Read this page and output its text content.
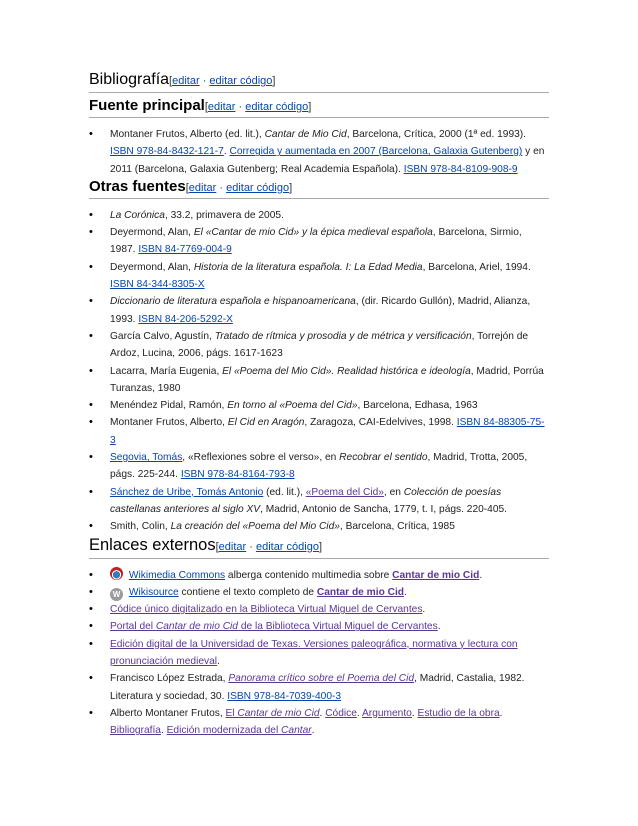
Bibliografía[editar · editar código]
Fuente principal[editar · editar código]
• Montaner Frutos, Alberto (ed. lit.), Cantar de Mio Cid, Barcelona, Crítica, 2000 (1ª ed. 1993). ISBN 978-84-8432-121-7. Corregida y aumentada en 2007 (Barcelona, Galaxia Gutenberg) y en 2011 (Barcelona, Galaxia Gutenberg; Real Academia Española). ISBN 978-84-8109-908-9
Otras fuentes[editar · editar código]
• La Corónica, 33.2, primavera de 2005.
• Deyermond, Alan, El «Cantar de mio Cid» y la épica medieval española, Barcelona, Sirmio, 1987. ISBN 84-7769-004-9
• Deyermond, Alan, Historia de la literatura española. I: La Edad Media, Barcelona, Ariel, 1994. ISBN 84-344-8305-X
• Diccionario de literatura española e hispanoamericana, (dir. Ricardo Gullón), Madrid, Alianza, 1993. ISBN 84-206-5292-X
• García Calvo, Agustín, Tratado de rítmica y prosodia y de métrica y versificación, Torrejón de Ardoz, Lucina, 2006, págs. 1617-1623
• Lacarra, María Eugenia, El «Poema del Mio Cid». Realidad histórica e ideología, Madrid, Porrúa Turanzas, 1980
• Menéndez Pidal, Ramón, En torno al «Poema del Cid», Barcelona, Edhasa, 1963
• Montaner Frutos, Alberto, El Cid en Aragón, Zaragoza, CAI-Edelvives, 1998. ISBN 84-88305-75-3
• Segovia, Tomás, «Reflexiones sobre el verso», en Recobrar el sentido, Madrid, Trotta, 2005, págs. 225-244. ISBN 978-84-8164-793-8
• Sánchez de Uribe, Tomás Antonio (ed. lit.), «Poema del Cid», en Colección de poesías castellanas anteriores al siglo XV, Madrid, Antonio de Sancha, 1779, t. I, págs. 220-405.
• Smith, Colin, La creación del «Poema del Mio Cid», Barcelona, Crítica, 1985
Enlaces externos[editar · editar código]
• Wikimedia Commons alberga contenido multimedia sobre Cantar de mio Cid.
• W Wikisource contiene el texto completo de Cantar de mio Cid.
• Códice único digitalizado en la Biblioteca Virtual Miguel de Cervantes.
• Portal del Cantar de mio Cid de la Biblioteca Virtual Miguel de Cervantes.
• Edición digital de la Universidad de Texas. Versiones paleográfica, normativa y lectura con pronunciación medieval.
• Francisco López Estrada, Panorama crítico sobre el Poema del Cid, Madrid, Castalia, 1982. Literatura y sociedad, 30. ISBN 978-84-7039-400-3
• Alberto Montaner Frutos, El Cantar de mio Cid. Códice. Argumento. Estudio de la obra. Bibliografía. Edición modernizada del Cantar.
